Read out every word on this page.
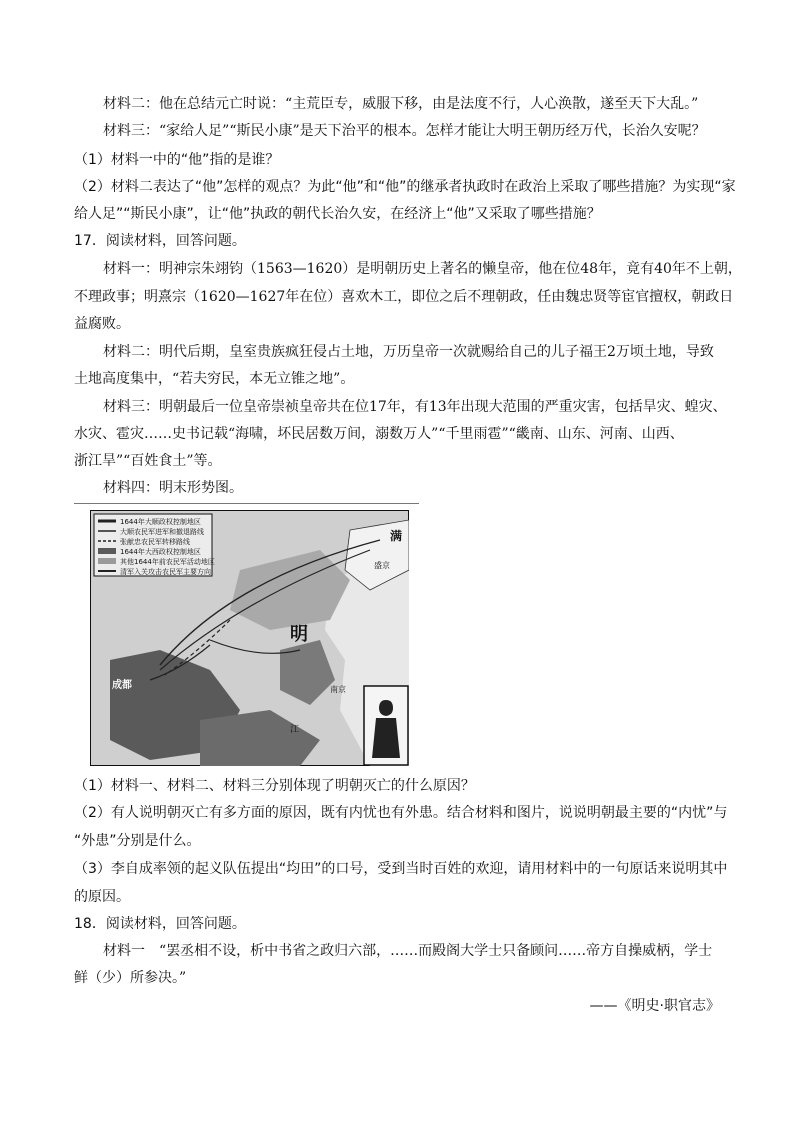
材料二：他在总结元亡时说：“主荒臣专，威服下移，由是法度不行，人心涣散，遂至天下大乱。”
材料三：“家给人足”“斯民小康”是天下治平的根本。怎样才能让大明王朝历经万代，长治久安呢？
（1）材料一中的“他”指的是谁？
（2）材料二表达了“他”怎样的观点？为此“他”和“他”的继承者执政时在政治上采取了哪些措施？为实现“家
给人足”“斯民小康”，让“他”执政的朝代长治久安，在经济上“他”又采取了哪些措施？
17．阅读材料，回答问题。
材料一：明神宗朱翊钧（1563—1620）是明朝历史上著名的懒皇帝，他在位48年，竟有40年不上朝，
不理政事；明熹宗（1620—1627年在位）喜欢木工，即位之后不理朝政，任由魏忠贤等宦官擅权，朝政日
益腐败。
材料二：明代后期，皇室贵族疯狂侵占土地，万历皇帝一次就赐给自己的儿子福王2万顷土地，导致
土地高度集中，“若夫穷民，本无立锥之地”。
材料三：明朝最后一位皇帝崇祯皇帝共在位17年，有13年出现大范围的严重灾害，包括旱灾、蝗灾、
水灾、雹灾……史书记载“海啸，坏民居数万间，溺数万人”“千里雨雹”“畿南、山东、河南、山西、
浙江旱”“百姓食土”等。
材料四：明末形势图。
1644年大顺政权控制地区
大顺农民军进军和撤退路线
张献忠农民军转移路线
1644年大西政权控制地区
其他1644年前农民军活动地区
清军入关攻击农民军主要方向
明
满
盛京
成都	南京
江
（1）材料一、材料二、材料三分别体现了明朝灭亡的什么原因？
（2）有人说明朝灭亡有多方面的原因，既有内忧也有外患。结合材料和图片，说说明朝最主要的“内忧”与
“外患”分别是什么。
（3）李自成率领的起义队伍提出“均田”的口号，受到当时百姓的欢迎，请用材料中的一句原话来说明其中
的原因。
18．阅读材料，回答问题。
材料一　“罢丞相不设，析中书省之政归六部，……而殿阁大学士只备顾问……帝方自操威柄，学士
鲜（少）所参决。”
——《明史·职官志》
